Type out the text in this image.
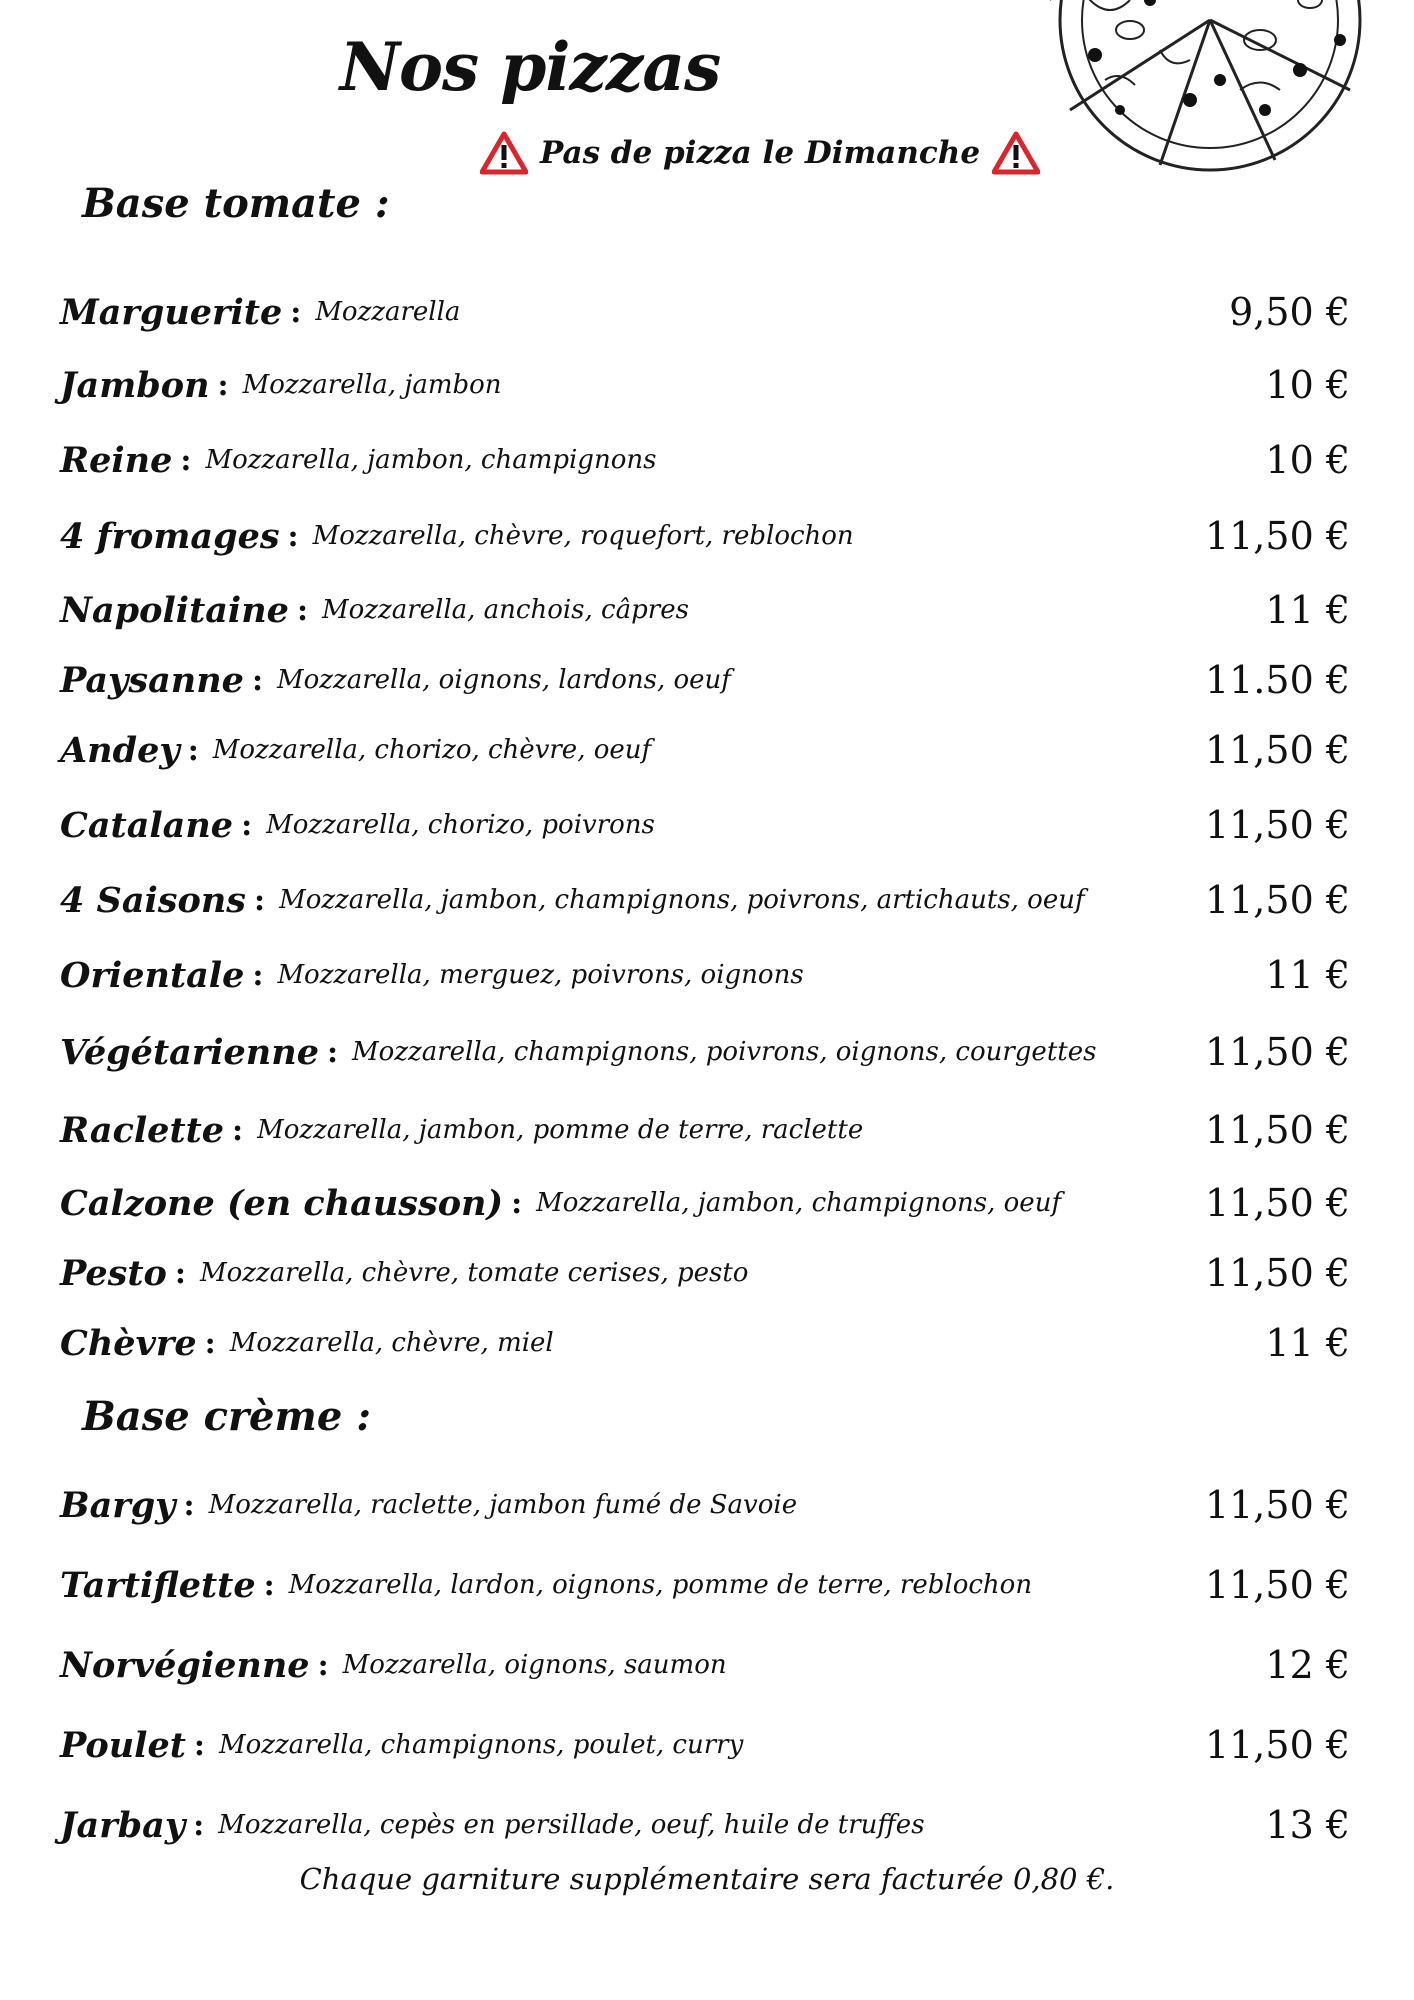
Nos pizzas
Pas de pizza le Dimanche
Base tomate :
Marguerite : Mozzarella	9,50 €
Jambon : Mozzarella, jambon	10 €
Reine : Mozzarella, jambon, champignons	10 €
4 fromages : Mozzarella, chèvre, roquefort, reblochon	11,50 €
Napolitaine : Mozzarella, anchois, câpres	11 €
Paysanne : Mozzarella, oignons, lardons, oeuf	11.50 €
Andey : Mozzarella, chorizo, chèvre, oeuf	11,50 €
Catalane : Mozzarella, chorizo, poivrons	11,50 €
4 Saisons : Mozzarella, jambon, champignons, poivrons, artichauts, oeuf	11,50 €
Orientale : Mozzarella, merguez, poivrons, oignons	11 €
Végétarienne : Mozzarella, champignons, poivrons, oignons, courgettes	11,50 €
Raclette : Mozzarella, jambon, pomme de terre, raclette	11,50 €
Calzone (en chausson) : Mozzarella, jambon, champignons, oeuf	11,50 €
Pesto : Mozzarella, chèvre, tomate cerises, pesto	11,50 €
Chèvre : Mozzarella, chèvre, miel	11 €
Base crème :
Bargy : Mozzarella, raclette, jambon fumé de Savoie	11,50 €
Tartiflette : Mozzarella, lardon, oignons, pomme de terre, reblochon	11,50 €
Norvégienne : Mozzarella, oignons, saumon	12 €
Poulet : Mozzarella, champignons, poulet, curry	11,50 €
Jarbay : Mozzarella, cepès en persillade, oeuf, huile de truffes	13 €
Chaque garniture supplémentaire sera facturée 0,80 €.
